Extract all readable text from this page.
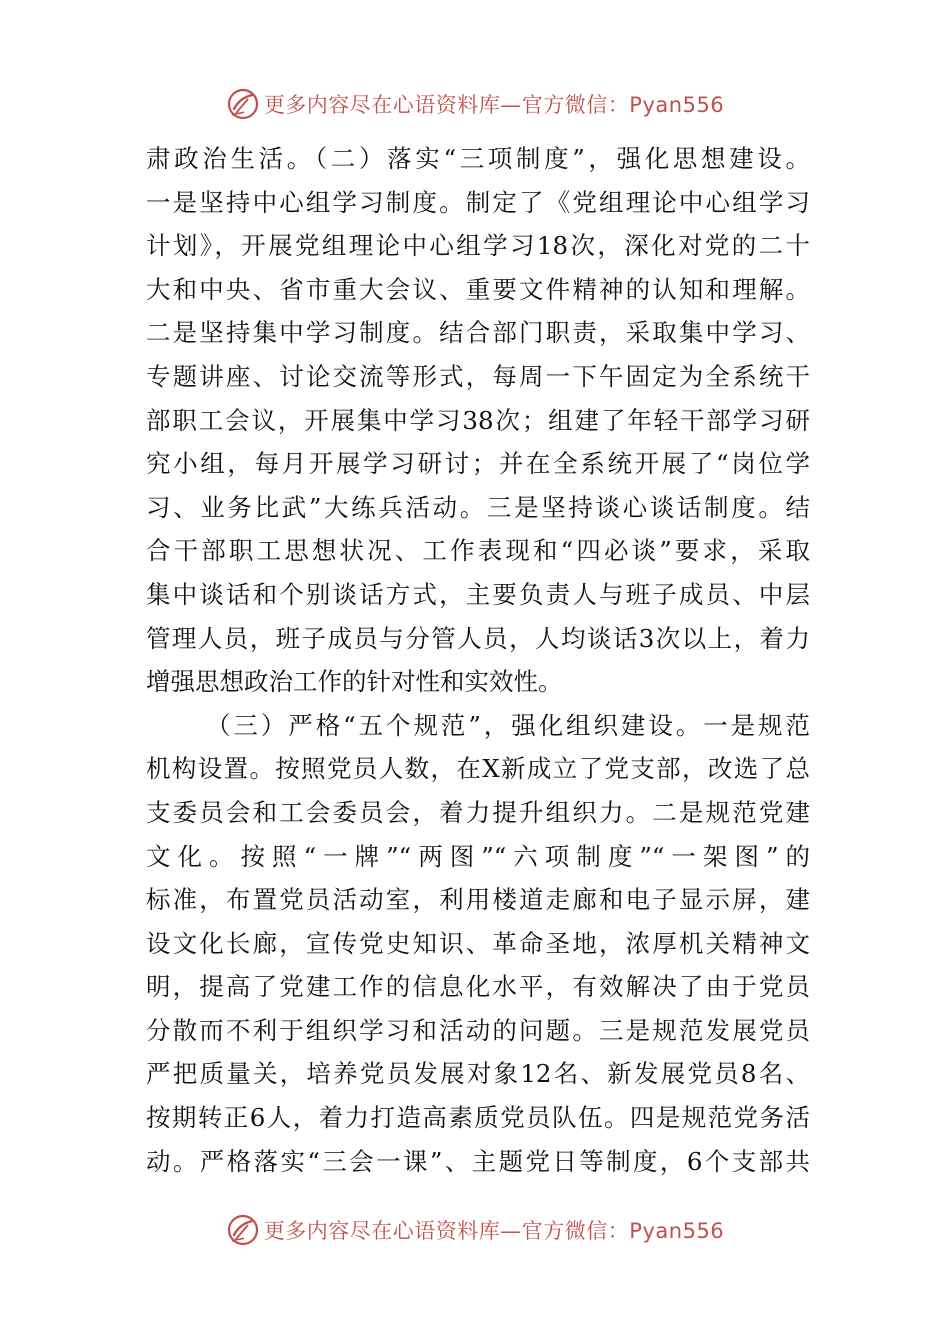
更多内容尽在心语资料库—官方微信：Pyan556
肃政治生活。（二）落实“三项制度”，强化思想建设。
一是坚持中心组学习制度。制定了《党组理论中心组学习
计划》，开展党组理论中心组学习18次，深化对党的二十
大和中央、省市重大会议、重要文件精神的认知和理解。
二是坚持集中学习制度。结合部门职责，采取集中学习、
专题讲座、讨论交流等形式，每周一下午固定为全系统干
部职工会议，开展集中学习38次；组建了年轻干部学习研
究小组，每月开展学习研讨；并在全系统开展了“岗位学
习、业务比武”大练兵活动。三是坚持谈心谈话制度。结
合干部职工思想状况、工作表现和“四必谈”要求，采取
集中谈话和个别谈话方式，主要负责人与班子成员、中层
管理人员，班子成员与分管人员，人均谈话3次以上，着力
增强思想政治工作的针对性和实效性。
（三）严格“五个规范”，强化组织建设。一是规范
机构设置。按照党员人数，在X新成立了党支部，改选了总
支委员会和工会委员会，着力提升组织力。二是规范党建
文化。按照“一牌”“两图”“六项制度”“一架图”的
标准，布置党员活动室，利用楼道走廊和电子显示屏，建
设文化长廊，宣传党史知识、革命圣地，浓厚机关精神文
明，提高了党建工作的信息化水平，有效解决了由于党员
分散而不利于组织学习和活动的问题。三是规范发展党员
严把质量关，培养党员发展对象12名、新发展党员8名、
按期转正6人，着力打造高素质党员队伍。四是规范党务活
动。严格落实“三会一课”、主题党日等制度，6个支部共
更多内容尽在心语资料库—官方微信：Pyan556
